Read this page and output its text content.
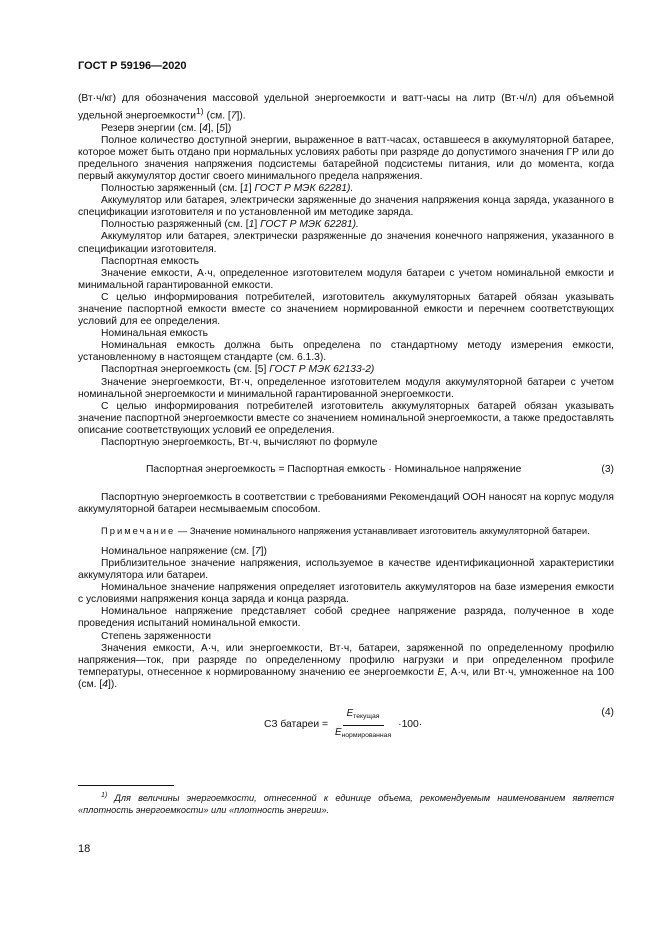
ГОСТ Р 59196—2020

(Вт·ч/кг) для обозначения массовой удельной энергоемкости и ватт-часы на литр (Вт·ч/л) для объемной удельной энергоемкости$^{1)}$ (см. [7]).

Резерв энергии (см. [4], [5])

Полное количество доступной энергии, выраженное в ватт-часах, оставшееся в аккумуляторной батарее, которое может быть отдано при нормальных условиях работы при разряде до допустимого значения ГР или до предельного значения напряжения подсистемы батарейной подсистемы питания, или до момента, когда первый аккумулятор достиг своего минимального предела напряжения.

Полностью заряженный (см. [1] ГОСТ Р МЭК 62281).

Аккумулятор или батарея, электрически заряженные до значения напряжения конца заряда, указанного в спецификации изготовителя и по установленной им методике заряда.

Полностью разряженный (см. [1] ГОСТ Р МЭК 62281).

Аккумулятор или батарея, электрически разряженные до значения конечного напряжения, указанного в спецификации изготовителя.

Паспортная емкость

Значение емкости, А·ч, определенное изготовителем модуля батареи с учетом номинальной емкости и минимальной гарантированной емкости.

С целью информирования потребителей, изготовитель аккумуляторных батарей обязан указывать значение паспортной емкости вместе со значением нормированной емкости и перечнем соответствующих условий для ее определения.

Номинальная емкость

Номинальная емкость должна быть определена по стандартному методу измерения емкости, установленному в настоящем стандарте (см. 6.1.3).

Паспортная энергоемкость (см. [5] ГОСТ Р МЭК 62133-2)

Значение энергоемкости, Вт·ч, определенное изготовителем модуля аккумуляторной батареи с учетом номинальной энергоемкости и минимальной гарантированной энергоемкости.

С целью информирования потребителей изготовитель аккумуляторных батарей обязан указывать значение паспортной энергоемкости вместе со значением номинальной энергоемкости, а также предоставлять описание соответствующих условий ее определения.

Паспортную энергоемкость, Вт·ч, вычисляют по формуле

Паспортная энергоемкость = Паспортная емкость · Номинальное напряжение	(3)

Паспортную энергоемкость в соответствии с требованиями Рекомендаций ООН наносят на корпус модуля аккумуляторной батареи несмываемым способом.

Примечание — Значение номинального напряжения устанавливает изготовитель аккумуляторной батареи.

Номинальное напряжение (см. [7])

Приблизительное значение напряжения, используемое в качестве идентификационной характеристики аккумулятора или батареи.

Номинальное значение напряжения определяет изготовитель аккумуляторов на базе измерения емкости с условиями напряжения конца заряда и конца разряда.

Номинальное напряжение представляет собой среднее напряжение разряда, полученное в ходе проведения испытаний номинальной емкости.

Степень заряженности

Значения емкости, А·ч, или энергоемкости, Вт·ч, батареи, заряженной по определенному профилю напряжения—ток, при разряде по определенному профилю нагрузки и при определенном профиле температуры, отнесенное к нормированному значению ее энергоемкости E, А·ч, или Вт·ч, умноженное на 100 (см. [4]).

СЗ батареи = $\frac{E_{текущая}}{E_{нормированная}} \cdot 100\cdot$
(4)
$^{1)}$ Для величины энергоемкости, отнесенной к единице объема, рекомендуемым наименованием является «плотность энергоемкости» или «плотность энергии».
18
